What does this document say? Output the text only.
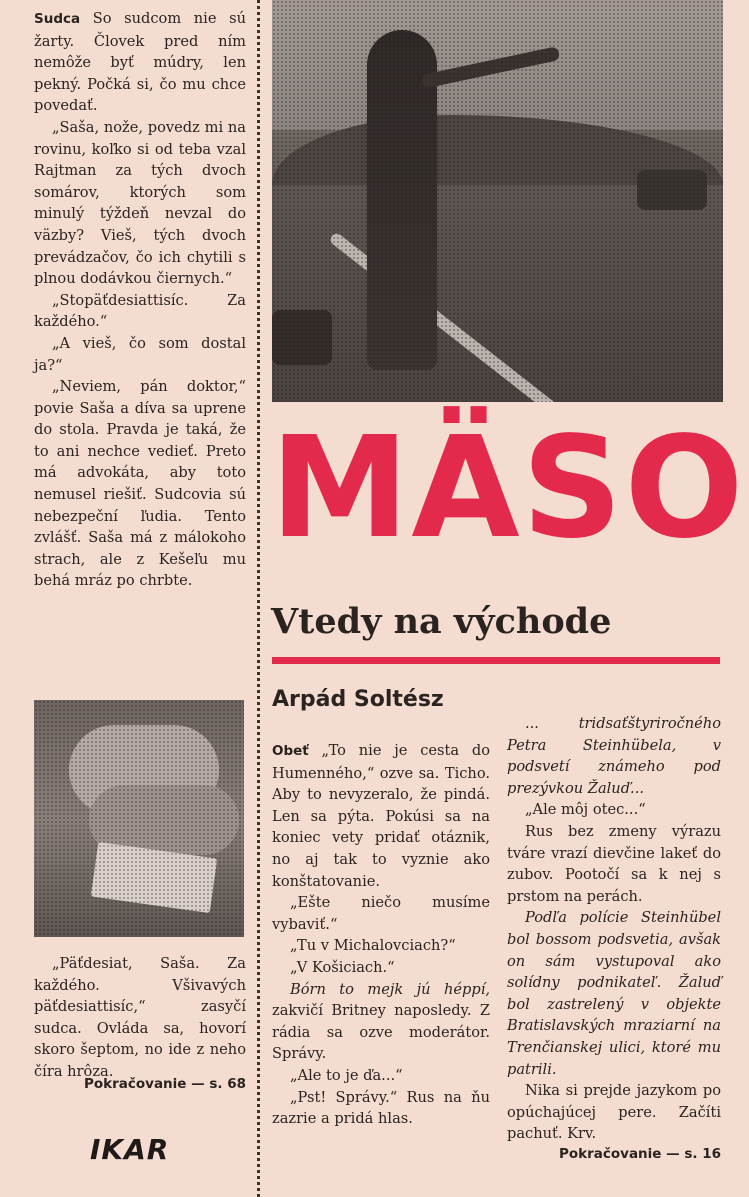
Sudca So sudcom nie sú žarty. Človek pred ním nemôže byť múdry, len pekný. Počká si, čo mu chce povedať.

„Saša, nože, povedz mi na rovinu, koľko si od teba vzal Rajtman za tých dvoch somárov, ktorých som minulý týždeň nevzal do väzby? Vieš, tých dvoch prevádzačov, čo ich chytili s plnou dodávkou čiernych.“

„Stopäťdesiattisíc. Za každého.“

„A vieš, čo som dostal ja?“

„Neviem, pán doktor,“ povie Saša a díva sa uprene do stola. Pravda je taká, že to ani nechce vedieť. Preto má advokáta, aby toto nemusel riešiť. Sudcovia sú nebezpeční ľudia. Tento zvlášť. Saša má z málokoho strach, ale z Kešeľu mu behá mráz po chrbte.

„Päťdesiat, Saša. Za každého. Všivavých päťdesiattisíc,“ zasyčí sudca. Ovláda sa, hovorí skoro šeptom, no ide z neho číra hrôza.

Pokračovanie — s. 68
MÄSO
Vtedy na východe
Arpád Soltész

Obeť „To nie je cesta do Humenného,“ ozve sa. Ticho. Aby to nevyzeralo, že pindá. Len sa pýta. Pokúsi sa na koniec vety pridať otáznik, no aj tak to vyznie ako konštatovanie.

„Ešte niečo musíme vybaviť.“

„Tu v Michalovciach?“

„V Košiciach.“

Bórn to mejk jú héppí, zakvičí Britney naposledy. Z rádia sa ozve moderátor. Správy.

„Ale to je ďa...“

„Pst! Správy.“ Rus na ňu zazrie a pridá hlas.

... tridsaťštyriročného Petra Steinhübela, v podsvetí známeho pod prezývkou Žaluď...

„Ale môj otec...“

Rus bez zmeny výrazu tváre vrazí dievčine lakeť do zubov. Pootočí sa k nej s prstom na perách.

Podľa polície Steinhübel bol bossom podsvetia, avšak on sám vystupoval ako solídny podnikateľ. Žaluď bol zastrelený v objekte Bratislavských mraziarní na Trenčianskej ulici, ktoré mu patrili.

Nika si prejde jazykom po opúchajúcej pere. Začíti pachuť. Krv.

Pokračovanie — s. 16
IKAR
